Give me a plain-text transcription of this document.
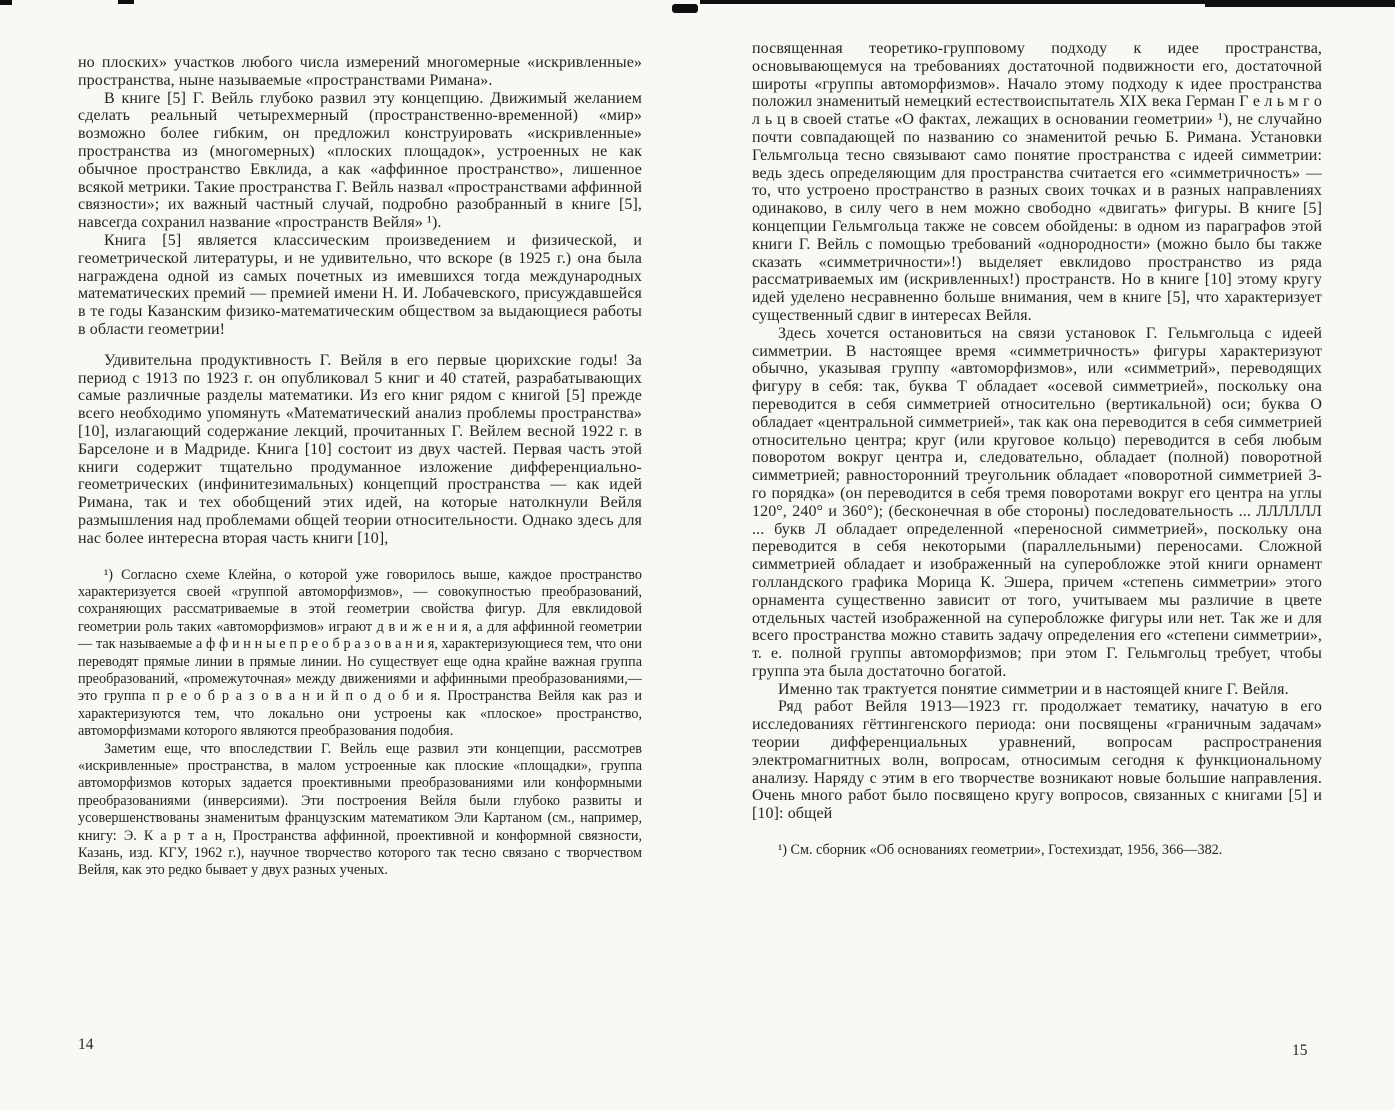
но плоских» участков любого числа измерений многомерные «искривленные» пространства, ныне называемые «пространствами Римана».

В книге [5] Г. Вейль глубоко развил эту концепцию. Движимый желанием сделать реальный четырехмерный (пространственно-временной) «мир» возможно более гибким, он предложил конструировать «искривленные» пространства из (многомерных) «плоских площадок», устроенных не как обычное пространство Евклида, а как «аффинное пространство», лишенное всякой метрики. Такие пространства Г. Вейль назвал «пространствами аффинной связности»; их важный частный случай, подробно разобранный в книге [5], навсегда сохранил название «пространств Вейля» ¹).

Книга [5] является классическим произведением и физической, и геометрической литературы, и не удивительно, что вскоре (в 1925 г.) она была награждена одной из самых почетных из имевшихся тогда международных математических премий — премией имени Н. И. Лобачевского, присуждавшейся в те годы Казанским физико-математическим обществом за выдающиеся работы в области геометрии!

Удивительна продуктивность Г. Вейля в его первые цюрихские годы! За период с 1913 по 1923 г. он опубликовал 5 книг и 40 статей, разрабатывающих самые различные разделы математики. Из его книг рядом с книгой [5] прежде всего необходимо упомянуть «Математический анализ проблемы пространства» [10], излагающий содержание лекций, прочитанных Г. Вейлем весной 1922 г. в Барселоне и в Мадриде. Книга [10] состоит из двух частей. Первая часть этой книги содержит тщательно продуманное изложение дифференциально-геометрических (инфинитезимальных) концепций пространства — как идей Римана, так и тех обобщений этих идей, на которые натолкнули Вейля размышления над проблемами общей теории относительности. Однако здесь для нас более интересна вторая часть книги [10],

¹) Согласно схеме Клейна, о которой уже говорилось выше, каждое пространство характеризуется своей «группой автоморфизмов», — совокупностью преобразований, сохраняющих рассматриваемые в этой геометрии свойства фигур. Для евклидовой геометрии роль таких «автоморфизмов» играют д в и ж е н и я, а для аффинной геометрии — так называемые а ф ф и н н ы е п р е о б р а з о в а н и я, характеризующиеся тем, что они переводят прямые линии в прямые линии. Но существует еще одна крайне важная группа преобразований, «промежуточная» между движениями и аффинными преобразованиями,— это группа п р е о б р а з о в а н и й п о д о б и я. Пространства Вейля как раз и характеризуются тем, что локально они устроены как «плоское» пространство, автоморфизмами которого являются преобразования подобия.

Заметим еще, что впоследствии Г. Вейль еще развил эти концепции, рассмотрев «искривленные» пространства, в малом устроенные как плоские «площадки», группа автоморфизмов которых задается проективными преобразованиями или конформными преобразованиями (инверсиями). Эти построения Вейля были глубоко развиты и усовершенствованы знаменитым французским математиком Эли Картаном (см., например, книгу: Э. К а р т а н, Пространства аффинной, проективной и конформной связности, Казань, изд. КГУ, 1962 г.), научное творчество которого так тесно связано с творчеством Вейля, как это редко бывает у двух разных ученых.

посвященная теоретико-групповому подходу к идее пространства, основывающемуся на требованиях достаточной подвижности его, достаточной широты «группы автоморфизмов». Начало этому подходу к идее пространства положил знаменитый немецкий естествоиспытатель XIX века Герман Г е л ь м г о л ь ц в своей статье «О фактах, лежащих в основании геометрии» ¹), не случайно почти совпадающей по названию со знаменитой речью Б. Римана. Установки Гельмгольца тесно связывают само понятие пространства с идеей симметрии: ведь здесь определяющим для пространства считается его «симметричность» — то, что устроено пространство в разных своих точках и в разных направлениях одинаково, в силу чего в нем можно свободно «двигать» фигуры. В книге [5] концепции Гельмгольца также не совсем обойдены: в одном из параграфов этой книги Г. Вейль с помощью требований «однородности» (можно было бы также сказать «симметричности»!) выделяет евклидово пространство из ряда рассматриваемых им (искривленных!) пространств. Но в книге [10] этому кругу идей уделено несравненно больше внимания, чем в книге [5], что характеризует существенный сдвиг в интересах Вейля.

Здесь хочется остановиться на связи установок Г. Гельмгольца с идеей симметрии. В настоящее время «симметричность» фигуры характеризуют обычно, указывая группу «автоморфизмов», или «симметрий», переводящих фигуру в себя: так, буква Т обладает «осевой симметрией», поскольку она переводится в себя симметрией относительно (вертикальной) оси; буква О обладает «центральной симметрией», так как она переводится в себя симметрией относительно центра; круг (или круговое кольцо) переводится в себя любым поворотом вокруг центра и, следовательно, обладает (полной) поворотной симметрией; равносторонний треугольник обладает «поворотной симметрией 3-го порядка» (он переводится в себя тремя поворотами вокруг его центра на углы 120°, 240° и 360°); (бесконечная в обе стороны) последовательность ... ЛЛЛЛЛЛ ... букв Л обладает определенной «переносной симметрией», поскольку она переводится в себя некоторыми (параллельными) переносами. Сложной симметрией обладает и изображенный на суперобложке этой книги орнамент голландского графика Морица К. Эшера, причем «степень симметрии» этого орнамента существенно зависит от того, учитываем мы различие в цвете отдельных частей изображенной на суперобложке фигуры или нет. Так же и для всего пространства можно ставить задачу определения его «степени симметрии», т. е. полной группы автоморфизмов; при этом Г. Гельмгольц требует, чтобы группа эта была достаточно богатой.

Именно так трактуется понятие симметрии и в настоящей книге Г. Вейля.

Ряд работ Вейля 1913—1923 гг. продолжает тематику, начатую в его исследованиях гёттингенского периода: они посвящены «граничным задачам» теории дифференциальных уравнений, вопросам распространения электромагнитных волн, вопросам, относимым сегодня к функциональному анализу. Наряду с этим в его творчестве возникают новые большие направления. Очень много работ было посвящено кругу вопросов, связанных с книгами [5] и [10]: общей

¹) См. сборник «Об основаниях геометрии», Гостехиздат, 1956, 366—382.

14	15
